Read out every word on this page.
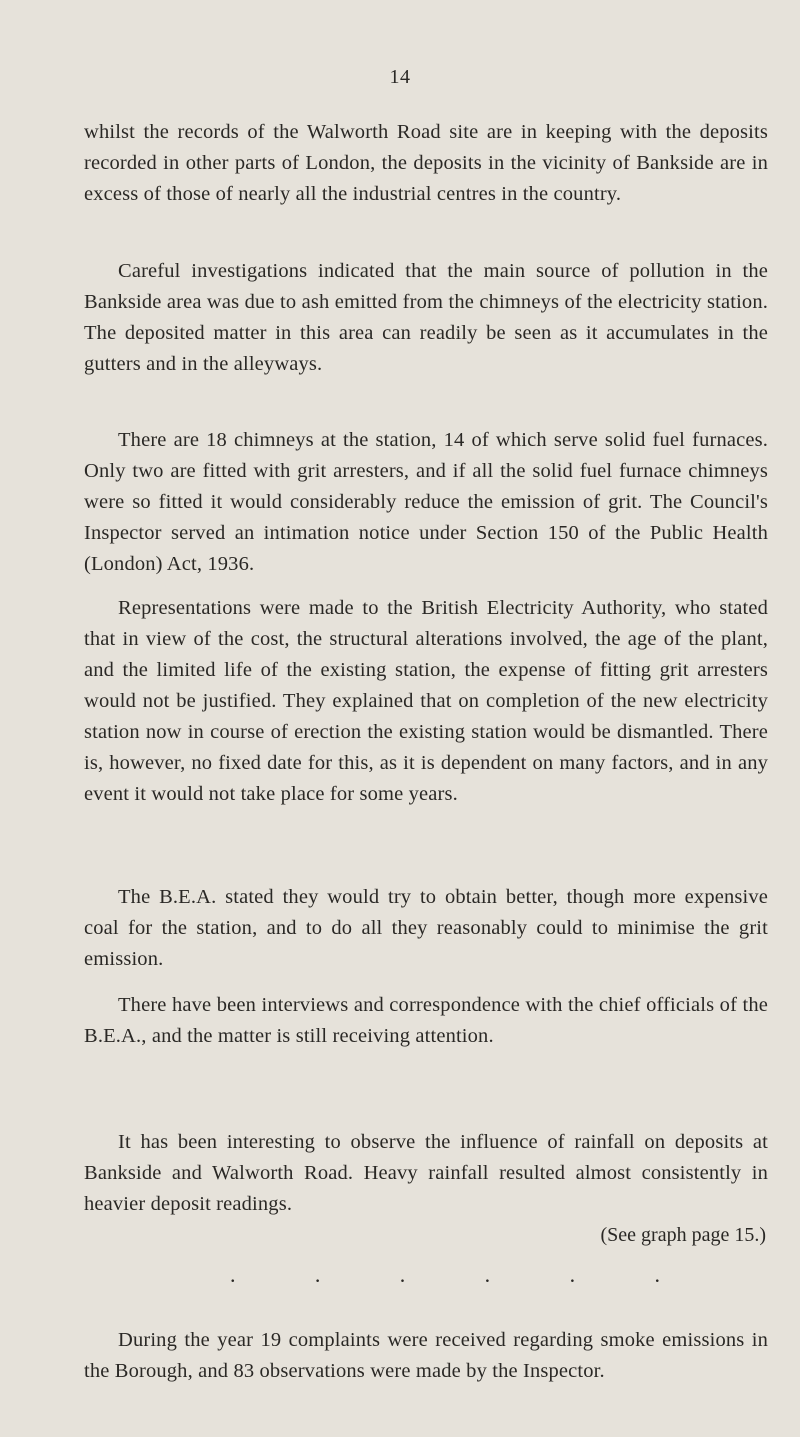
14

whilst the records of the Walworth Road site are in keeping with the deposits recorded in other parts of London, the deposits in the vicinity of Bankside are in excess of those of nearly all the industrial centres in the country.

Careful investigations indicated that the main source of pollution in the Bankside area was due to ash emitted from the chimneys of the electricity station. The deposited matter in this area can readily be seen as it accumulates in the gutters and in the alleyways.

There are 18 chimneys at the station, 14 of which serve solid fuel furnaces. Only two are fitted with grit arresters, and if all the solid fuel furnace chimneys were so fitted it would considerably reduce the emission of grit. The Council's Inspector served an intimation notice under Section 150 of the Public Health (London) Act, 1936.

Representations were made to the British Electricity Authority, who stated that in view of the cost, the structural alterations involved, the age of the plant, and the limited life of the existing station, the expense of fitting grit arresters would not be justified. They explained that on completion of the new electricity station now in course of erection the existing station would be dismantled. There is, however, no fixed date for this, as it is dependent on many factors, and in any event it would not take place for some years.

The B.E.A. stated they would try to obtain better, though more expensive coal for the station, and to do all they reasonably could to minimise the grit emission.

There have been interviews and correspondence with the chief officials of the B.E.A., and the matter is still receiving attention.

It has been interesting to observe the influence of rainfall on deposits at Bankside and Walworth Road. Heavy rainfall resulted almost consistently in heavier deposit readings.

(See graph page 15.)
.	.	.	.	.	.

During the year 19 complaints were received regarding smoke emissions in the Borough, and 83 observations were made by the Inspector.
